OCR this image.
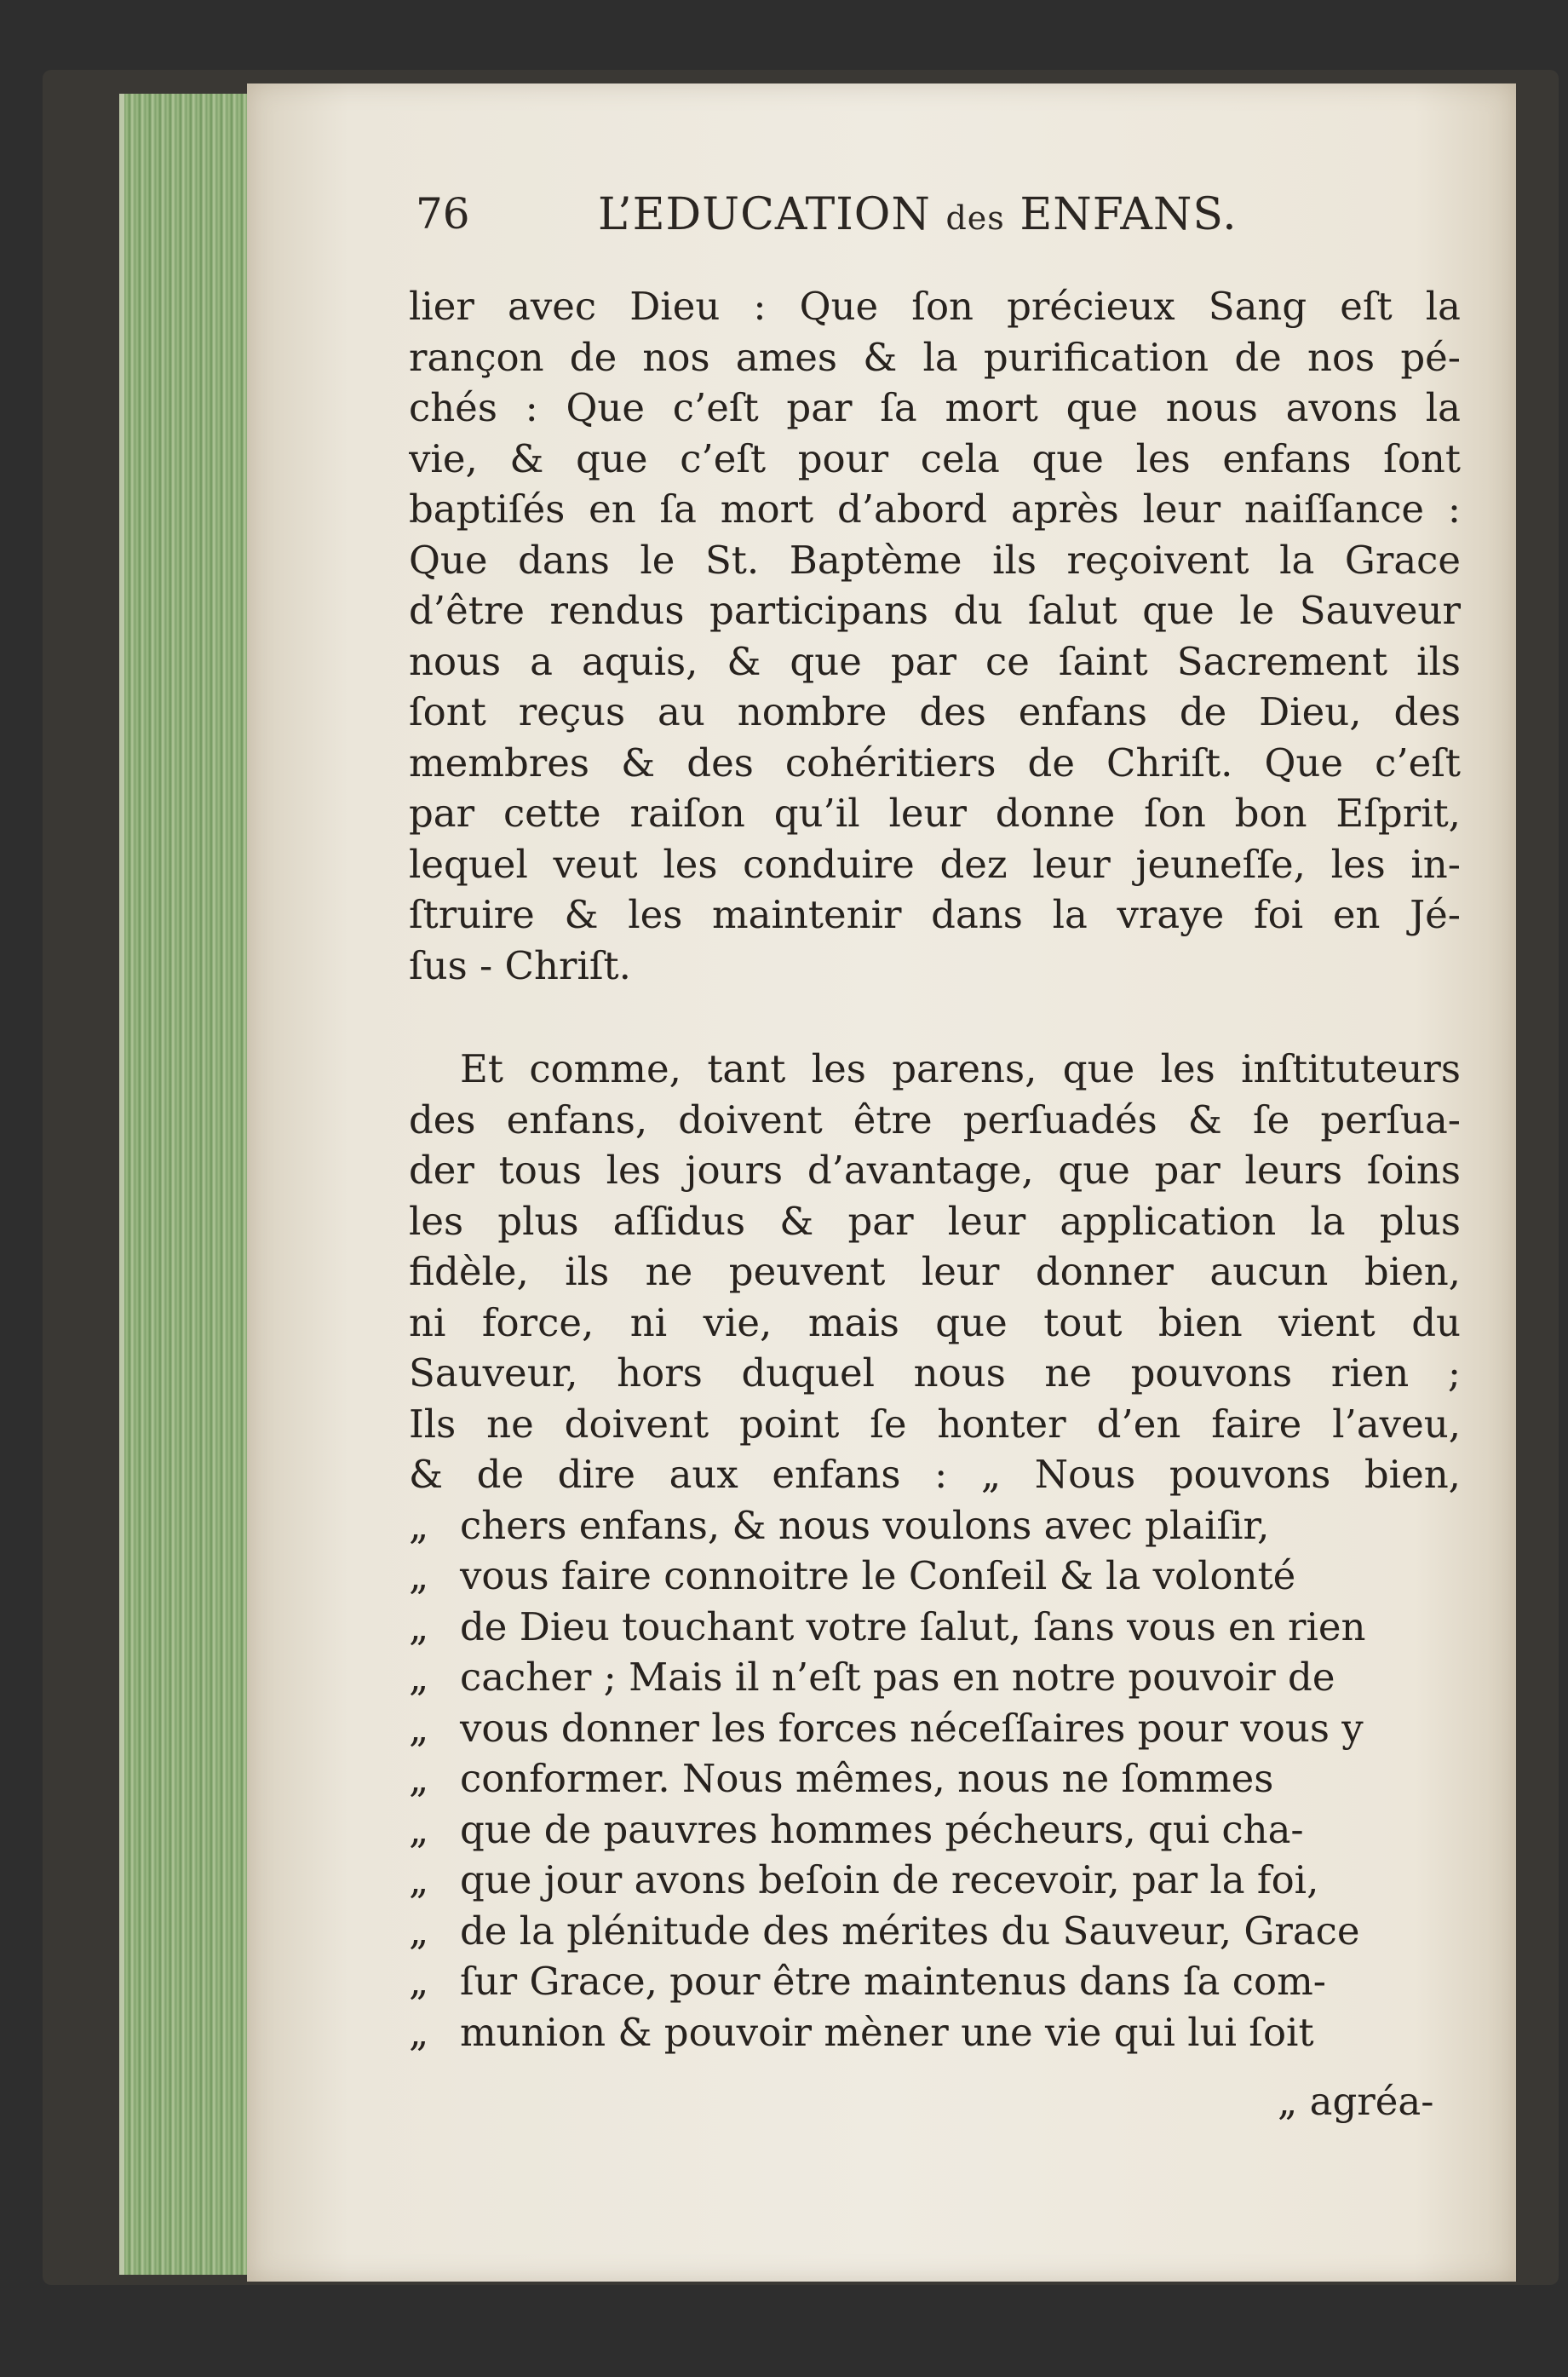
76	L’EDUCATION des ENFANS.
lier avec Dieu : Que ſon précieux Sang eſt la
rançon de nos ames & la purification de nos pé-
chés : Que c’eſt par ſa mort que nous avons la
vie, & que c’eſt pour cela que les enfans ſont
baptiſés en ſa mort d’abord après leur naiſſance :
Que dans le St. Baptème ils reçoivent la Grace
d’être rendus participans du ſalut que le Sauveur
nous a aquis, & que par ce ſaint Sacrement ils
ſont reçus au nombre des enfans de Dieu, des
membres & des cohéritiers de Chriſt. Que c’eſt
par cette raiſon qu’il leur donne ſon bon Eſprit,
lequel veut les conduire dez leur jeuneſſe, les in-
ſtruire & les maintenir dans la vraye foi en Jé-
ſus - Chriſt.
Et comme, tant les parens, que les inſtituteurs
des enfans, doivent être perſuadés & ſe perſua-
der tous les jours d’avantage, que par leurs ſoins
les plus aſſidus & par leur application la plus
fidèle, ils ne peuvent leur donner aucun bien,
ni force, ni vie, mais que tout bien vient du
Sauveur, hors duquel nous ne pouvons rien ;
Ils ne doivent point ſe honter d’en faire l’aveu,
& de dire aux enfans : „ Nous pouvons bien,
„ chers enfans, & nous voulons avec plaiſir,
„ vous faire connoitre le Conſeil & la volonté
„ de Dieu touchant votre ſalut, ſans vous en rien
„ cacher ; Mais il n’eſt pas en notre pouvoir de
„ vous donner les forces néceſſaires pour vous y
„ conformer. Nous mêmes, nous ne ſommes
„ que de pauvres hommes pécheurs, qui cha-
„ que jour avons beſoin de recevoir, par la foi,
„ de la plénitude des mérites du Sauveur, Grace
„ ſur Grace, pour être maintenus dans ſa com-
„ munion & pouvoir mèner une vie qui lui ſoit
„ agréa-
